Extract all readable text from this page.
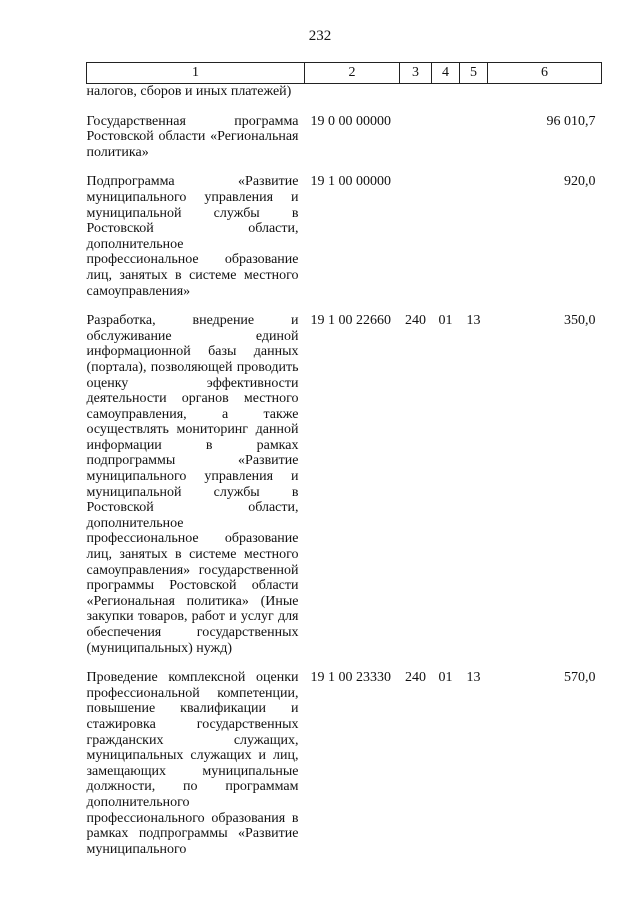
232
1	2	3	4	5	6
налогов, сборов и иных платежей)					
Государственная программа Ростовской области «Региональная политика»	19 0 00 00000				96 010,7
Подпрограмма «Развитие муниципального управления и муниципальной службы в Ростовской области, дополнительное профессиональное образование лиц, занятых в системе местного самоуправления»	19 1 00 00000				920,0
Разработка, внедрение и обслуживание единой информационной базы данных (портала), позволяющей проводить оценку эффективности деятельности органов местного самоуправления, а также осуществлять мониторинг данной информации в рамках подпрограммы «Развитие муниципального управления и муниципальной службы в Ростовской области, дополнительное профессиональное образование лиц, занятых в системе местного самоуправления» государственной программы Ростовской области «Региональная политика» (Иные закупки товаров, работ и услуг для обеспечения государственных (муниципальных) нужд)	19 1 00 22660	240	01	13	350,0
Проведение комплексной оценки профессиональной компетенции, повышение квалификации и стажировка государственных гражданских служащих, муниципальных служащих и лиц, замещающих муниципальные должности, по программам дополнительного профессионального образования в рамках подпрограммы «Развитие муниципального	19 1 00 23330	240	01	13	570,0
